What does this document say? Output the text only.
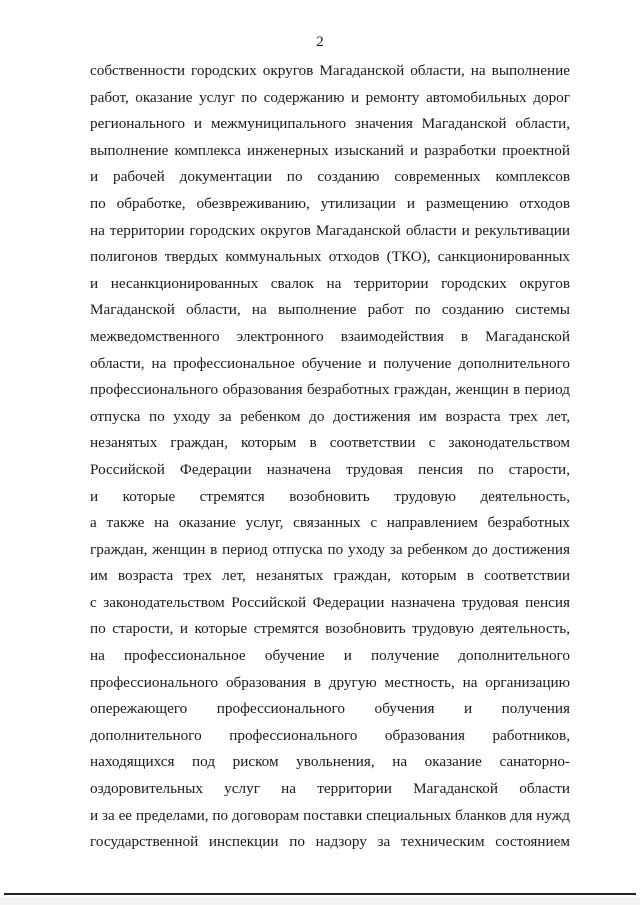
2
собственности городских округов Магаданской области, на выполнение
работ, оказание услуг по содержанию и ремонту автомобильных дорог
регионального и межмуниципального значения Магаданской области,
выполнение комплекса инженерных изысканий и разработки проектной
и рабочей документации по созданию современных комплексов
по обработке, обезвреживанию, утилизации и размещению отходов
на территории городских округов Магаданской области и рекультивации
полигонов твердых коммунальных отходов (ТКО), санкционированных
и несанкционированных свалок на территории городских округов
Магаданской области, на выполнение работ по созданию системы
межведомственного электронного взаимодействия в Магаданской
области, на профессиональное обучение и получение дополнительного
профессионального образования безработных граждан, женщин в период
отпуска по уходу за ребенком до достижения им возраста трех лет,
незанятых граждан, которым в соответствии с законодательством
Российской Федерации назначена трудовая пенсия по старости,
и которые стремятся возобновить трудовую деятельность,
а также на оказание услуг, связанных с направлением безработных
граждан, женщин в период отпуска по уходу за ребенком до достижения
им возраста трех лет, незанятых граждан, которым в соответствии
с законодательством Российской Федерации назначена трудовая пенсия
по старости, и которые стремятся возобновить трудовую деятельность,
на профессиональное обучение и получение дополнительного
профессионального образования в другую местность, на организацию
опережающего профессионального обучения и получения
дополнительного профессионального образования работников,
находящихся под риском увольнения, на оказание санаторно-
оздоровительных услуг на территории Магаданской области
и за ее пределами, по договорам поставки специальных бланков для нужд
государственной инспекции по надзору за техническим состоянием
